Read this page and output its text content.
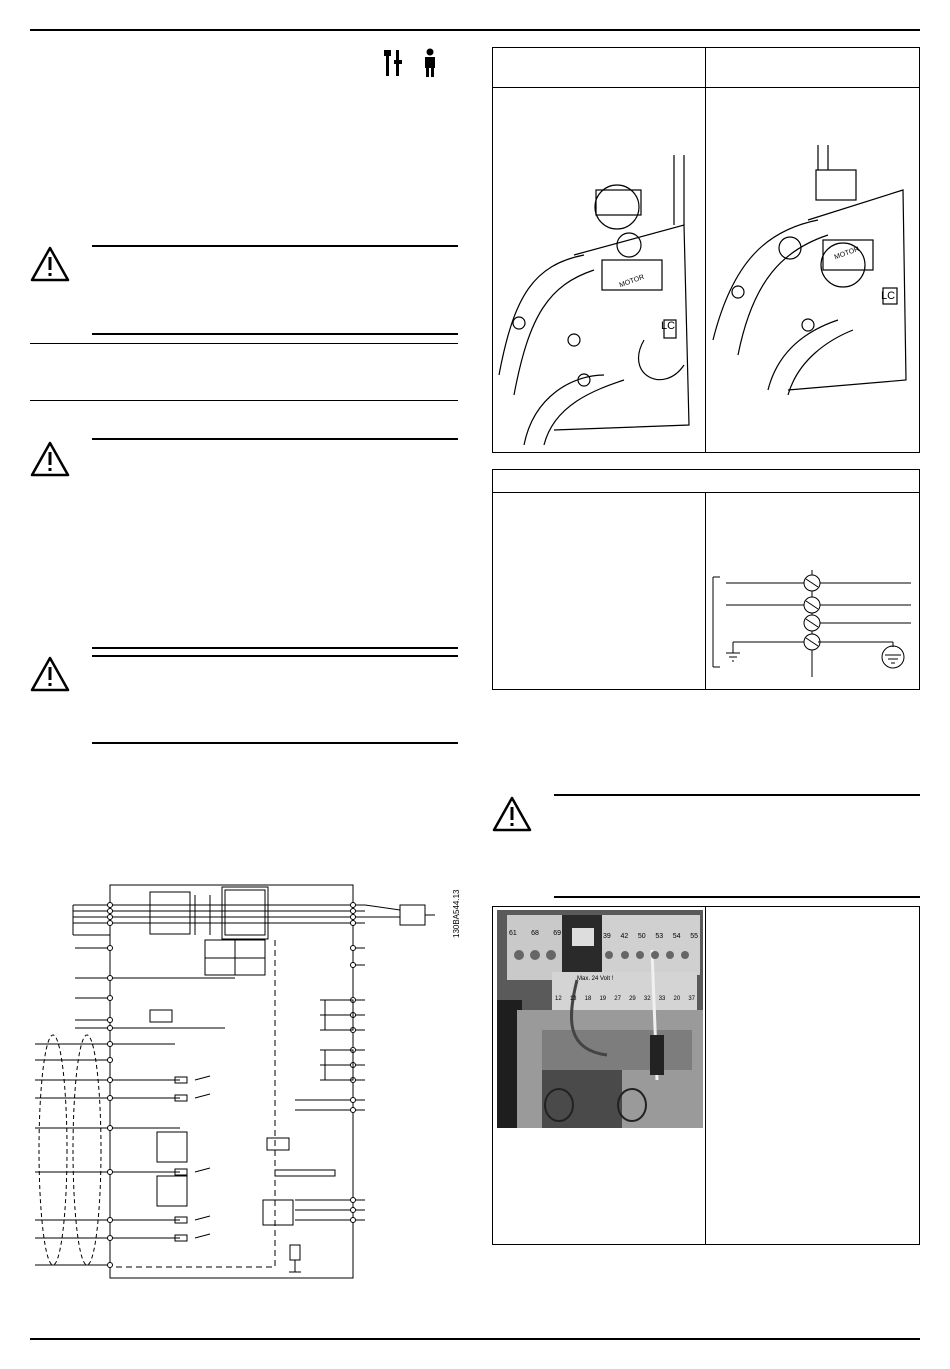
130BA544.13
LC
LC
MOTOR
MOTOR
61 68 69	39 42 50 53 54 55
Max. 24 Volt !
12 13 18 19 27 29 32 33 20 37
